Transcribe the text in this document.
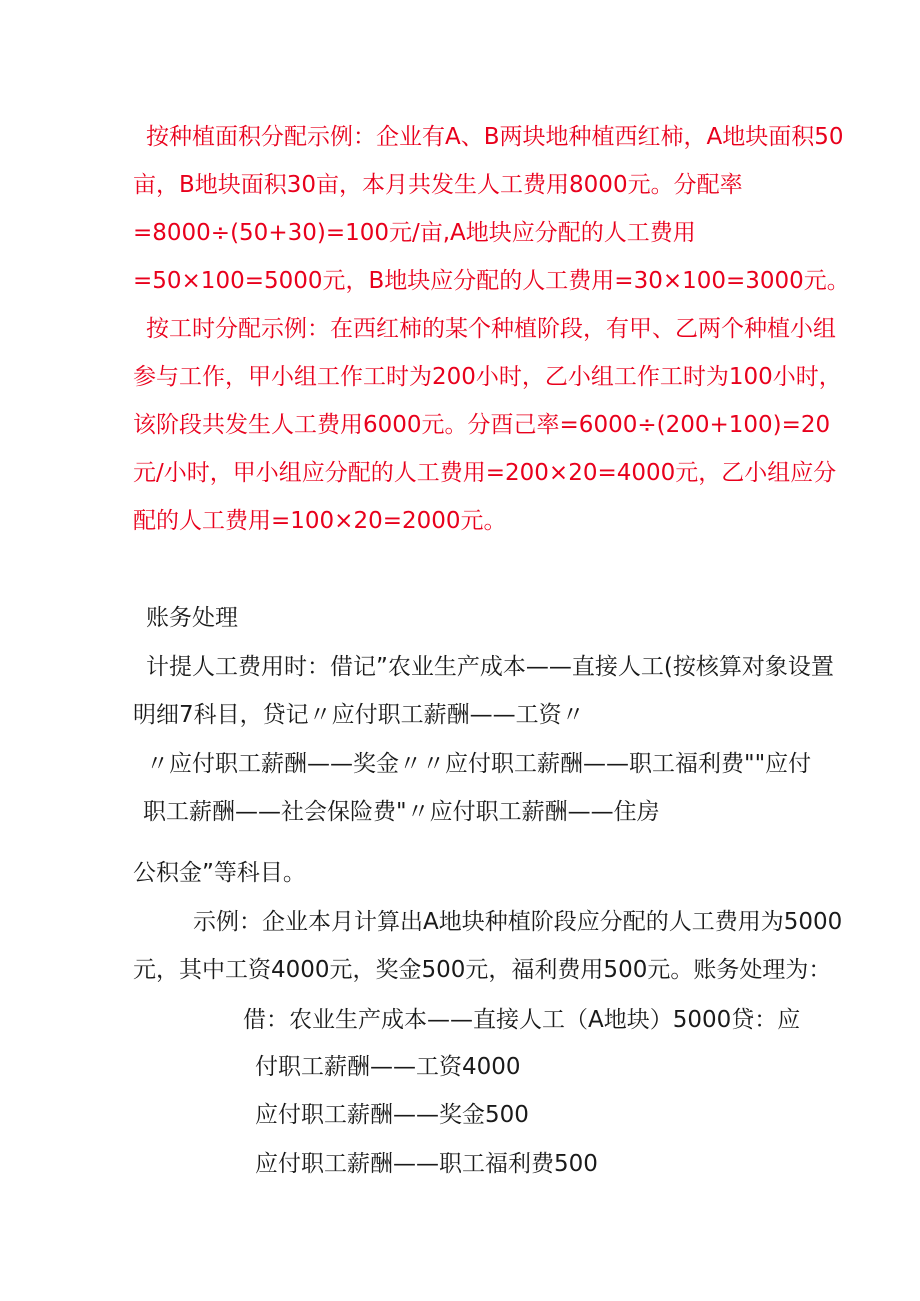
按种植面积分配示例：企业有A、B两块地种植西红柿，A地块面积50
亩，B地块面积30亩，本月共发生人工费用8000元。分配率
=8000÷(50+30)=100元/亩,A地块应分配的人工费用
=50×100=5000元，B地块应分配的人工费用=30×100=3000元。
按工时分配示例：在西红柿的某个种植阶段，有甲、乙两个种植小组
参与工作，甲小组工作工时为200小时，乙小组工作工时为100小时，
该阶段共发生人工费用6000元。分酉己率=6000÷(200+100)=20
元/小时，甲小组应分配的人工费用=200×20=4000元，乙小组应分
配的人工费用=100×20=2000元。
账务处理
计提人工费用时：借记”农业生产成本——直接人工(按核算对象设置
明细7科目，贷记〃应付职工薪酬——工资〃
〃应付职工薪酬——奖金〃〃应付职工薪酬——职工福利费""应付
职工薪酬——社会保险费"〃应付职工薪酬——住房
公积金”等科目。
示例：企业本月计算出A地块种植阶段应分配的人工费用为5000
元，其中工资4000元，奖金500元，福利费用500元。账务处理为：
借：农业生产成本——直接人工（A地块）5000贷：应
付职工薪酬——工资4000
应付职工薪酬——奖金500
应付职工薪酬——职工福利费500
